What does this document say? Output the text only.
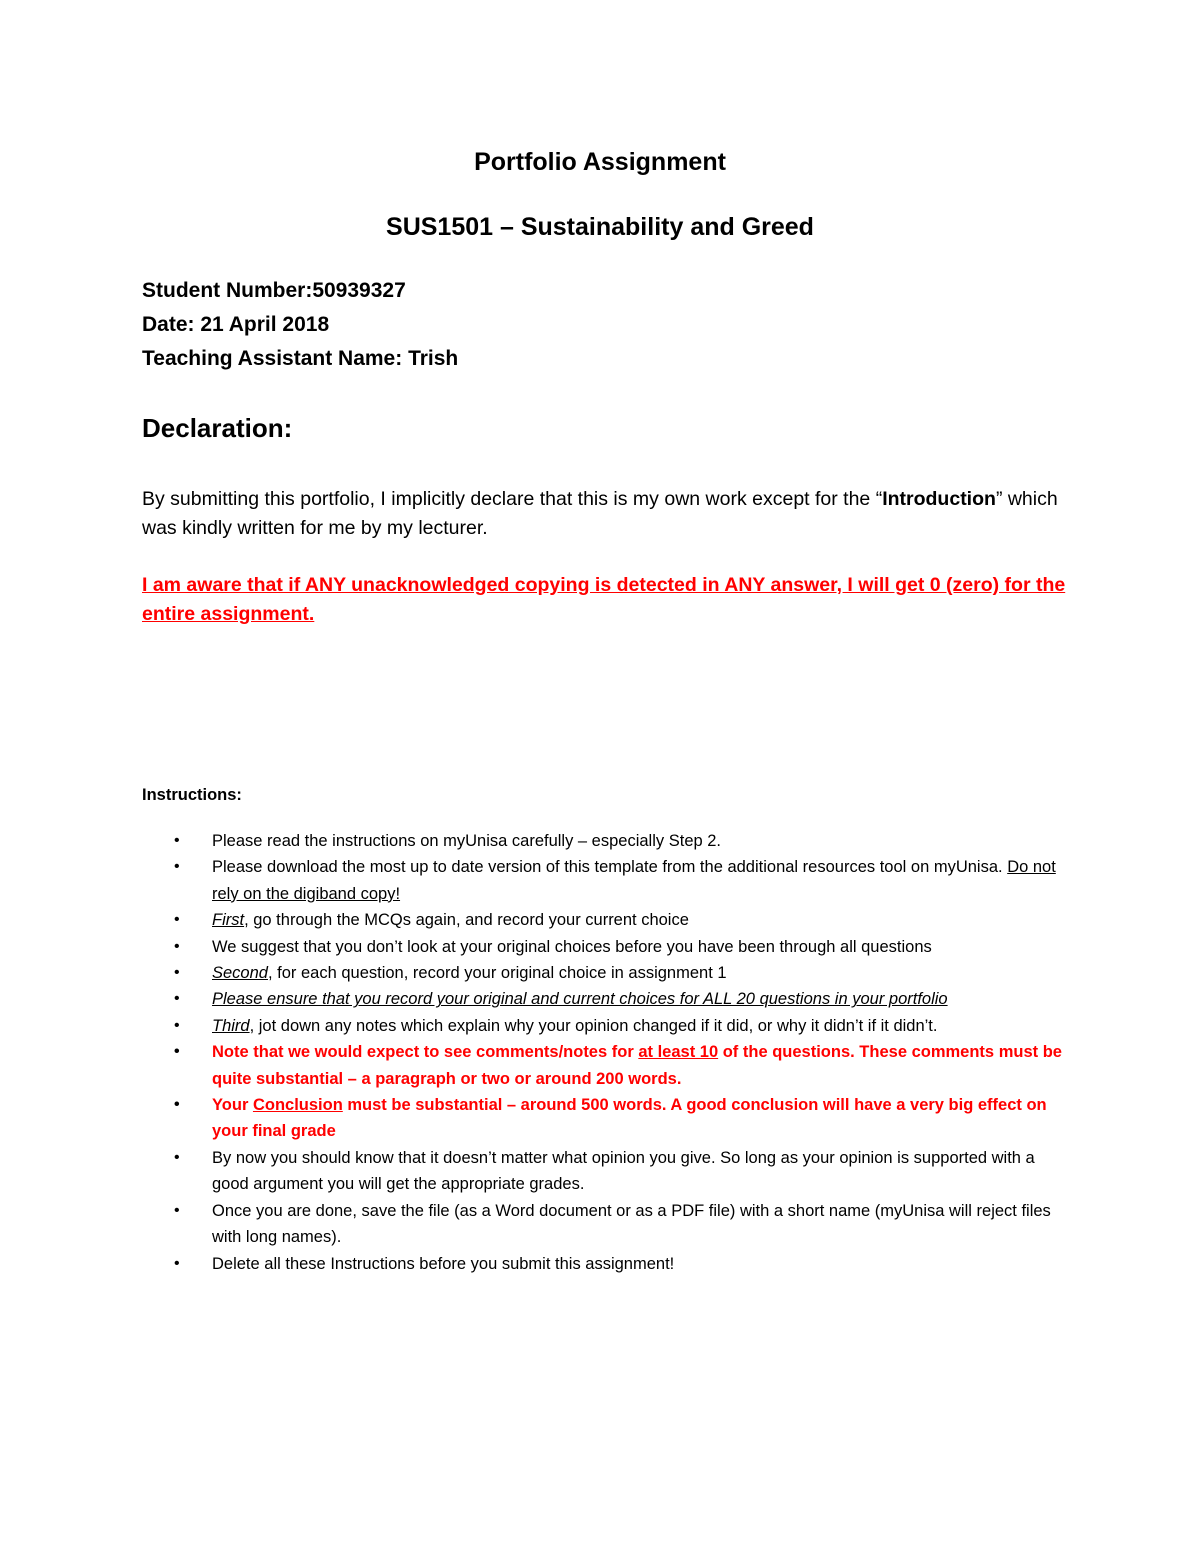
Portfolio Assignment
SUS1501 – Sustainability and Greed
Student Number:50939327
Date: 21 April 2018
Teaching Assistant Name: Trish
Declaration:
By submitting this portfolio, I implicitly declare that this is my own work except for the “Introduction” which was kindly written for me by my lecturer.
I am aware that if ANY unacknowledged copying is detected in ANY answer, I will get 0 (zero) for the entire assignment.
Instructions:
• Please read the instructions on myUnisa carefully – especially Step 2.
• Please download the most up to date version of this template from the additional resources tool on myUnisa. Do not rely on the digiband copy!
• First, go through the MCQs again, and record your current choice
• We suggest that you don’t look at your original choices before you have been through all questions
• Second, for each question, record your original choice in assignment 1
• Please ensure that you record your original and current choices for ALL 20 questions in your portfolio
• Third, jot down any notes which explain why your opinion changed if it did, or why it didn’t if it didn’t.
• Note that we would expect to see comments/notes for at least 10 of the questions. These comments must be quite substantial – a paragraph or two or around 200 words.
• Your Conclusion must be substantial – around 500 words. A good conclusion will have a very big effect on your final grade
• By now you should know that it doesn’t matter what opinion you give. So long as your opinion is supported with a good argument you will get the appropriate grades.
• Once you are done, save the file (as a Word document or as a PDF file) with a short name (myUnisa will reject files with long names).
• Delete all these Instructions before you submit this assignment!
